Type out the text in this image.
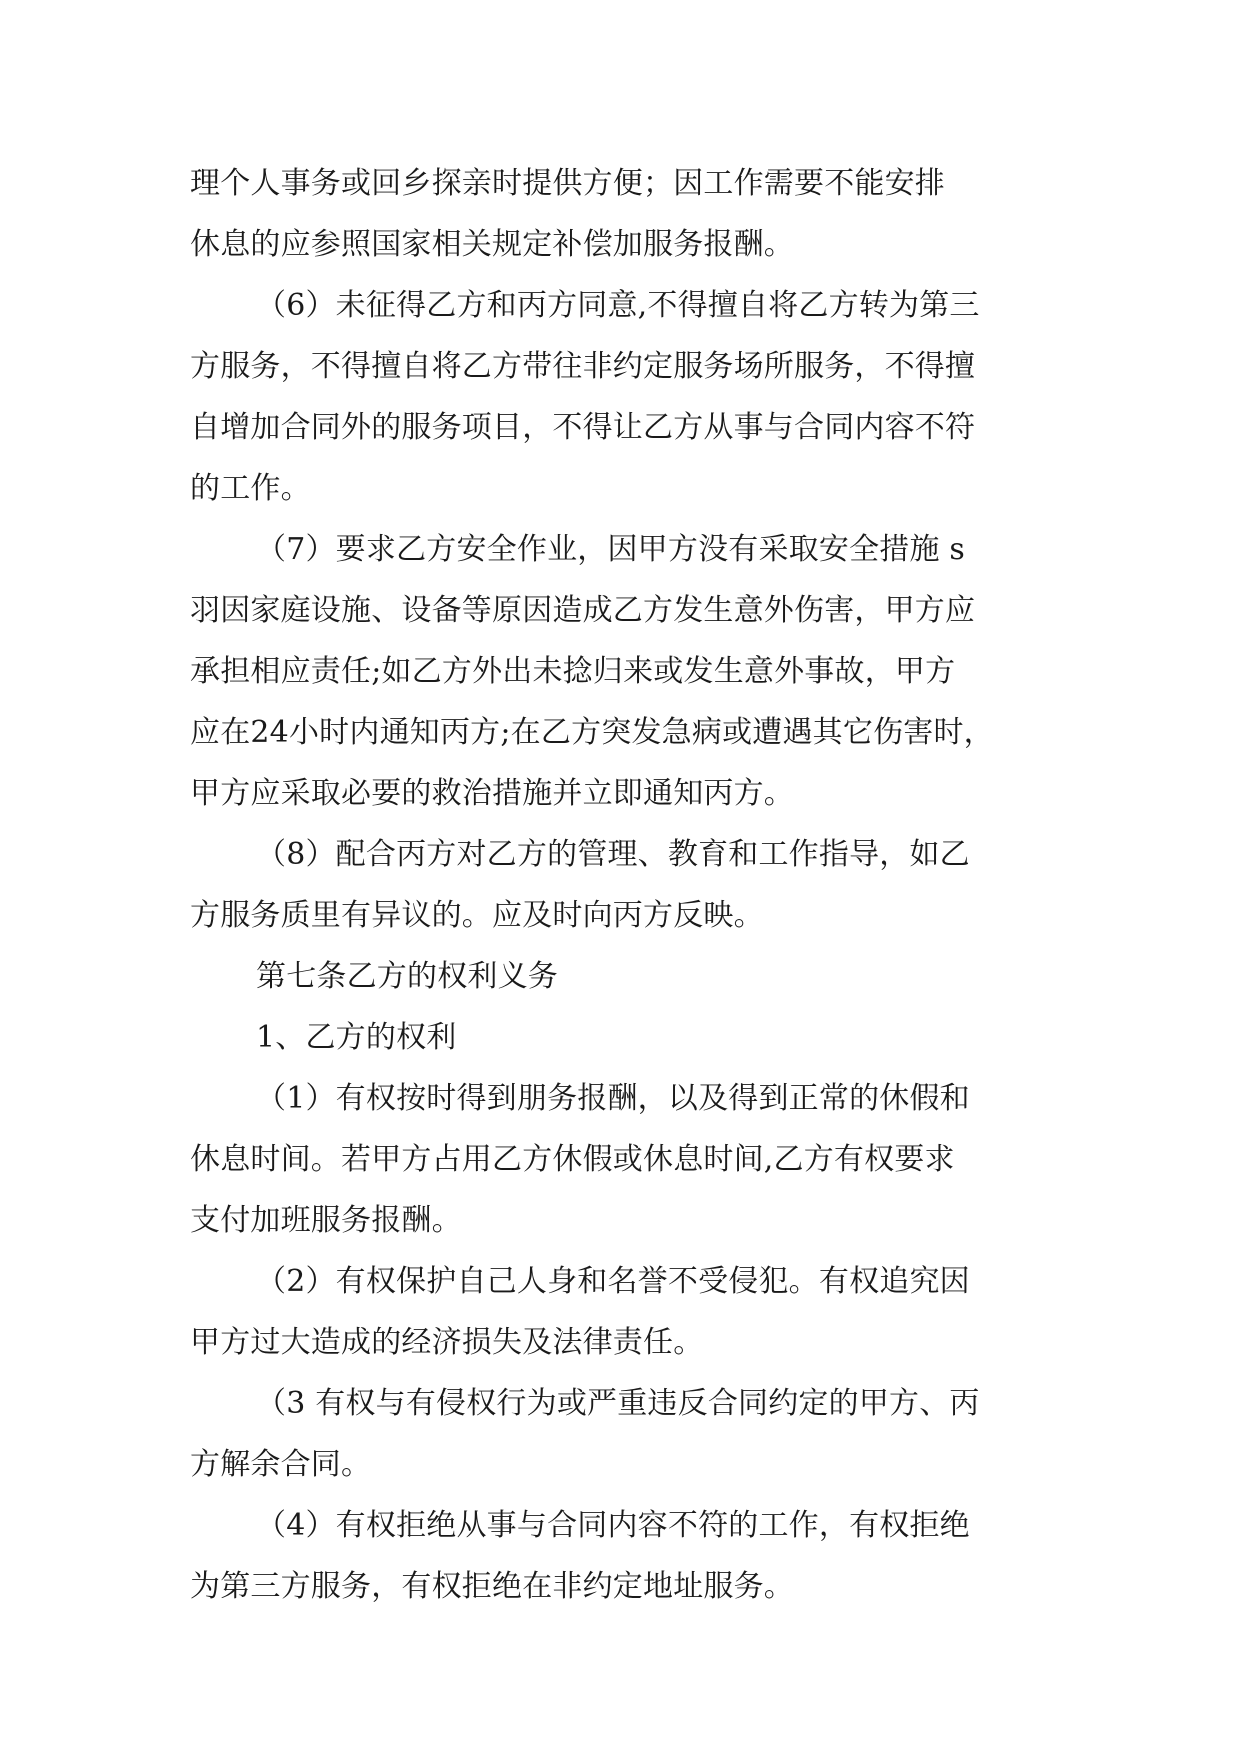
理个人事务或回乡探亲时提供方便；因工作需要不能安排
休息的应参照国家相关规定补偿加服务报酬。
（6）未征得乙方和丙方同意,不得擅自将乙方转为第三
方服务，不得擅自将乙方带往非约定服务场所服务，不得擅
自增加合同外的服务项目，不得让乙方从事与合同内容不符
的工作。
（7）要求乙方安全作业，因甲方没有采取安全措施 s
羽因家庭设施、设备等原因造成乙方发生意外伤害，甲方应
承担相应责任;如乙方外出未捻归来或发生意外事故，甲方
应在24小时内通知丙方;在乙方突发急病或遭遇其它伤害时，
甲方应采取必要的救治措施并立即通知丙方。
（8）配合丙方对乙方的管理、教育和工作指导，如乙
方服务质里有异议的。应及时向丙方反映。
第七条乙方的权利义务
1、乙方的权利
（1）有权按时得到朋务报酬，以及得到正常的休假和
休息时间。若甲方占用乙方休假或休息时间,乙方有权要求
支付加班服务报酬。
（2）有权保护自己人身和名誉不受侵犯。有权追究因
甲方过大造成的经济损失及法律责任。
（3 有权与有侵权行为或严重违反合同约定的甲方、丙
方解余合同。
（4）有权拒绝从事与合同内容不符的工作，有权拒绝
为第三方服务，有权拒绝在非约定地址服务。
